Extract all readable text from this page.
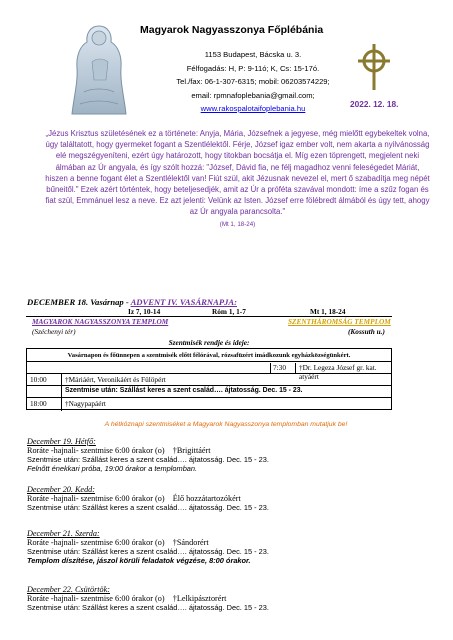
Magyarok Nagyasszonya Főplébánia
1153 Budapest, Bácska u. 3.
Félfogadás: H, P: 9-11ó; K, Cs: 15-17ó.
Tel./fax: 06-1-307-6315; mobil: 06203574229;
email: rpmnafoplebania@gmail.com;
www.rakospalotaifoplebania.hu	2022. 12. 18.
„Jézus Krisztus születésének ez a története: Anyja, Mária, Józsefnek a jegyese, még mielőtt egybekeltek volna, úgy találtatott, hogy gyermeket fogant a Szentlélektől. Férje, József igaz ember volt, nem akarta a nyilvánosság elé megszégyeníteni, ezért úgy határozott, hogy titokban bocsátja el. Míg ezen töprengett, megjelent neki álmában az Úr angyala, és így szólt hozzá: "József, Dávid fia, ne félj magadhoz venni feleségedet Máriát, hiszen a benne fogant élet a Szentlélektől van! Fiút szül, akit Jézusnak nevezel el, mert ő szabadítja meg népét bűneitől." Ezek azért történtek, hogy beteljesedjék, amit az Úr a próféta szavával mondott: íme a szűz fogan és fiat szül, Emmánuel lesz a neve. Ez azt jelenti: Velünk az Isten. József erre fölébredt álmából és úgy tett, ahogy az Úr angyala parancsolta."
(Mt 1, 18-24)
DECEMBER 18. Vasárnap - ADVENT IV. VASÁRNAPJA:
Iz 7, 10-14	Róm 1, 1-7	Mt 1, 18-24
MAGYAROK NAGYASSZONYA TEMPLOM
(Széchenyi tér)
SZENTHÁROMSÁG TEMPLOM
(Kossuth u.)
Szentmisék rendje és ideje:
Vasárnapon és főünnepen a szentmisék előtt félórával, rózsafüzért imádkozunk egyházközségünkért.
7:30	†Dr. Legeza József gr. kat. atyáért
10:00	†Máriáért, Veronikáért és Fülöpért
Szentmise után: Szállást keres a szent család…. ájtatosság. Dec. 15 - 23.
18:00	†Nagypapáért
A hétköznapi szentmiséket a Magyarok Nagyasszonya templomban mutatjuk be!
December 19. Hétfő:
Roráte -hajnali- szentmise 6:00 órakor (o) †Brigittáért
Szentmise után: Szállást keres a szent család…. ájtatosság. Dec. 15 - 23.
Felnőtt énekkari próba, 19:00 órakor a templomban.
December 20. Kedd:
Roráte -hajnali- szentmise 6:00 órakor (o) Élő hozzátartozókért
Szentmise után: Szállást keres a szent család…. ájtatosság. Dec. 15 - 23.
December 21. Szerda:
Roráte -hajnali- szentmise 6:00 órakor (o) †Sándorért
Szentmise után: Szállást keres a szent család…. ájtatosság. Dec. 15 - 23.
Templom díszítése, jászol körüli feladatok végzése, 8:00 órakor.
December 22. Csütörtök:
Roráte -hajnali- szentmise 6:00 órakor (o) †Lelkipásztorért
Szentmise után: Szállást keres a szent család…. ájtatosság. Dec. 15 - 23.
